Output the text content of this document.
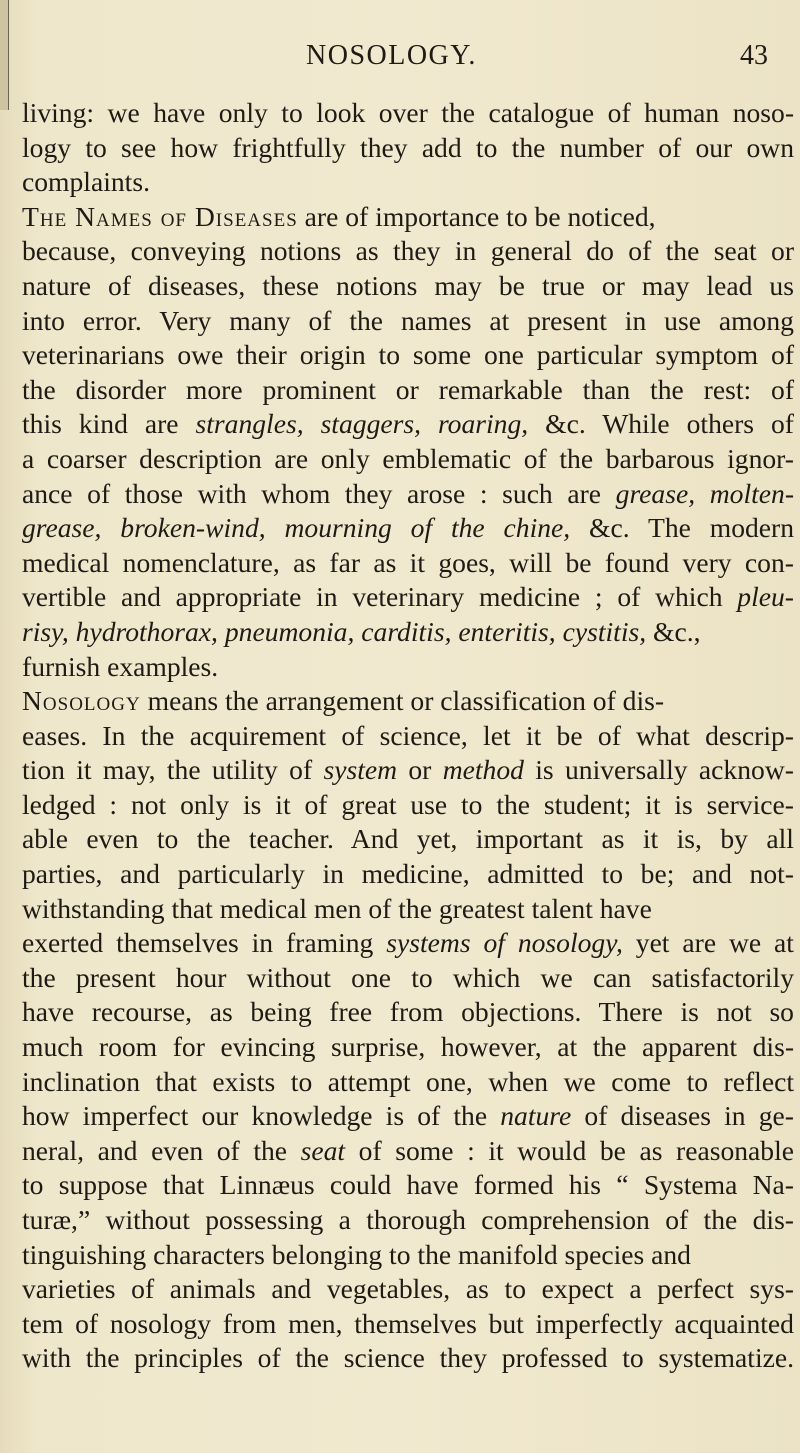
NOSOLOGY.	43
living: we have only to look over the catalogue of human noso-
logy to see how frightfully they add to the number of our own
complaints.
The Names of Diseases are of importance to be noticed,
because, conveying notions as they in general do of the seat or
nature of diseases, these notions may be true or may lead us
into error. Very many of the names at present in use among
veterinarians owe their origin to some one particular symptom of
the disorder more prominent or remarkable than the rest: of
this kind are strangles, staggers, roaring, &c. While others of
a coarser description are only emblematic of the barbarous ignor-
ance of those with whom they arose : such are grease, molten-
grease, broken-wind, mourning of the chine, &c. The modern
medical nomenclature, as far as it goes, will be found very con-
vertible and appropriate in veterinary medicine ; of which pleu-
risy, hydrothorax, pneumonia, carditis, enteritis, cystitis, &c.,
furnish examples.
Nosology means the arrangement or classification of dis-
eases. In the acquirement of science, let it be of what descrip-
tion it may, the utility of system or method is universally acknow-
ledged : not only is it of great use to the student; it is service-
able even to the teacher. And yet, important as it is, by all
parties, and particularly in medicine, admitted to be; and not-
withstanding that medical men of the greatest talent have
exerted themselves in framing systems of nosology, yet are we at
the present hour without one to which we can satisfactorily
have recourse, as being free from objections. There is not so
much room for evincing surprise, however, at the apparent dis-
inclination that exists to attempt one, when we come to reflect
how imperfect our knowledge is of the nature of diseases in ge-
neral, and even of the seat of some : it would be as reasonable
to suppose that Linnæus could have formed his “ Systema Na-
turæ,” without possessing a thorough comprehension of the dis-
tinguishing characters belonging to the manifold species and
varieties of animals and vegetables, as to expect a perfect sys-
tem of nosology from men, themselves but imperfectly acquainted
with the principles of the science they professed to systematize.
